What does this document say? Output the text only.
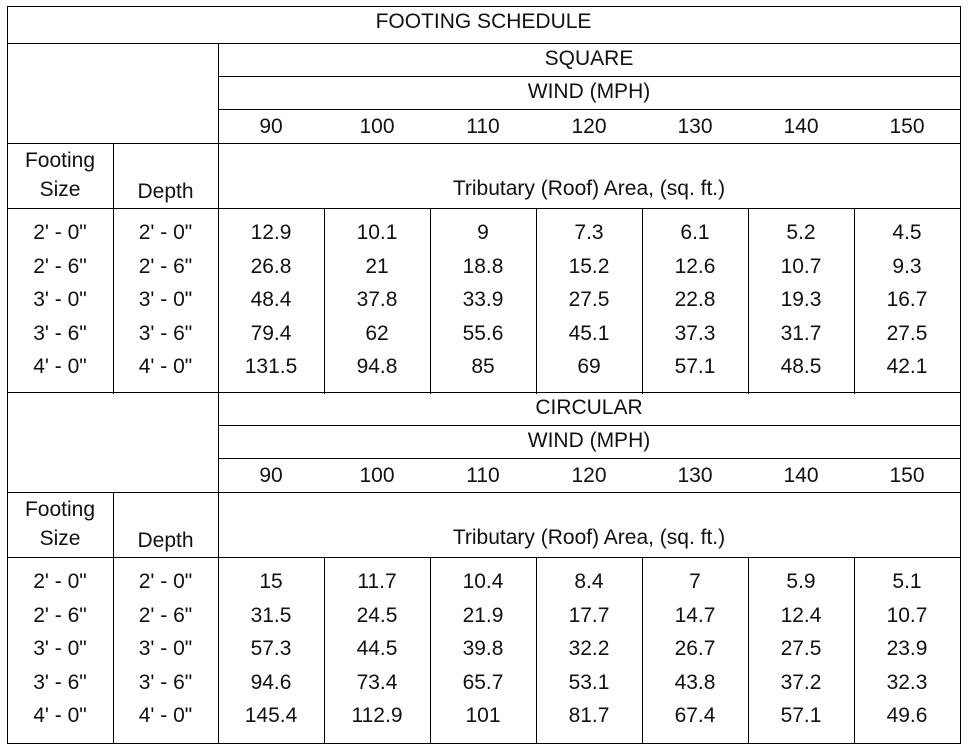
FOOTING SCHEDULE
SQUARE
WIND (MPH)
90	100	110	120	130	140	150
Footing Size	Depth	Tributary (Roof) Area, (sq. ft.)
2' - 0"	2' - 0"	12.9	10.1	9	7.3	6.1	5.2	4.5
2' - 6"	2' - 6"	26.8	21	18.8	15.2	12.6	10.7	9.3
3' - 0"	3' - 0"	48.4	37.8	33.9	27.5	22.8	19.3	16.7
3' - 6"	3' - 6"	79.4	62	55.6	45.1	37.3	31.7	27.5
4' - 0"	4' - 0"	131.5	94.8	85	69	57.1	48.5	42.1
CIRCULAR
WIND (MPH)
90	100	110	120	130	140	150
Footing Size	Depth	Tributary (Roof) Area, (sq. ft.)
2' - 0"	2' - 0"	15	11.7	10.4	8.4	7	5.9	5.1
2' - 6"	2' - 6"	31.5	24.5	21.9	17.7	14.7	12.4	10.7
3' - 0"	3' - 0"	57.3	44.5	39.8	32.2	26.7	27.5	23.9
3' - 6"	3' - 6"	94.6	73.4	65.7	53.1	43.8	37.2	32.3
4' - 0"	4' - 0"	145.4	112.9	101	81.7	67.4	57.1	49.6
